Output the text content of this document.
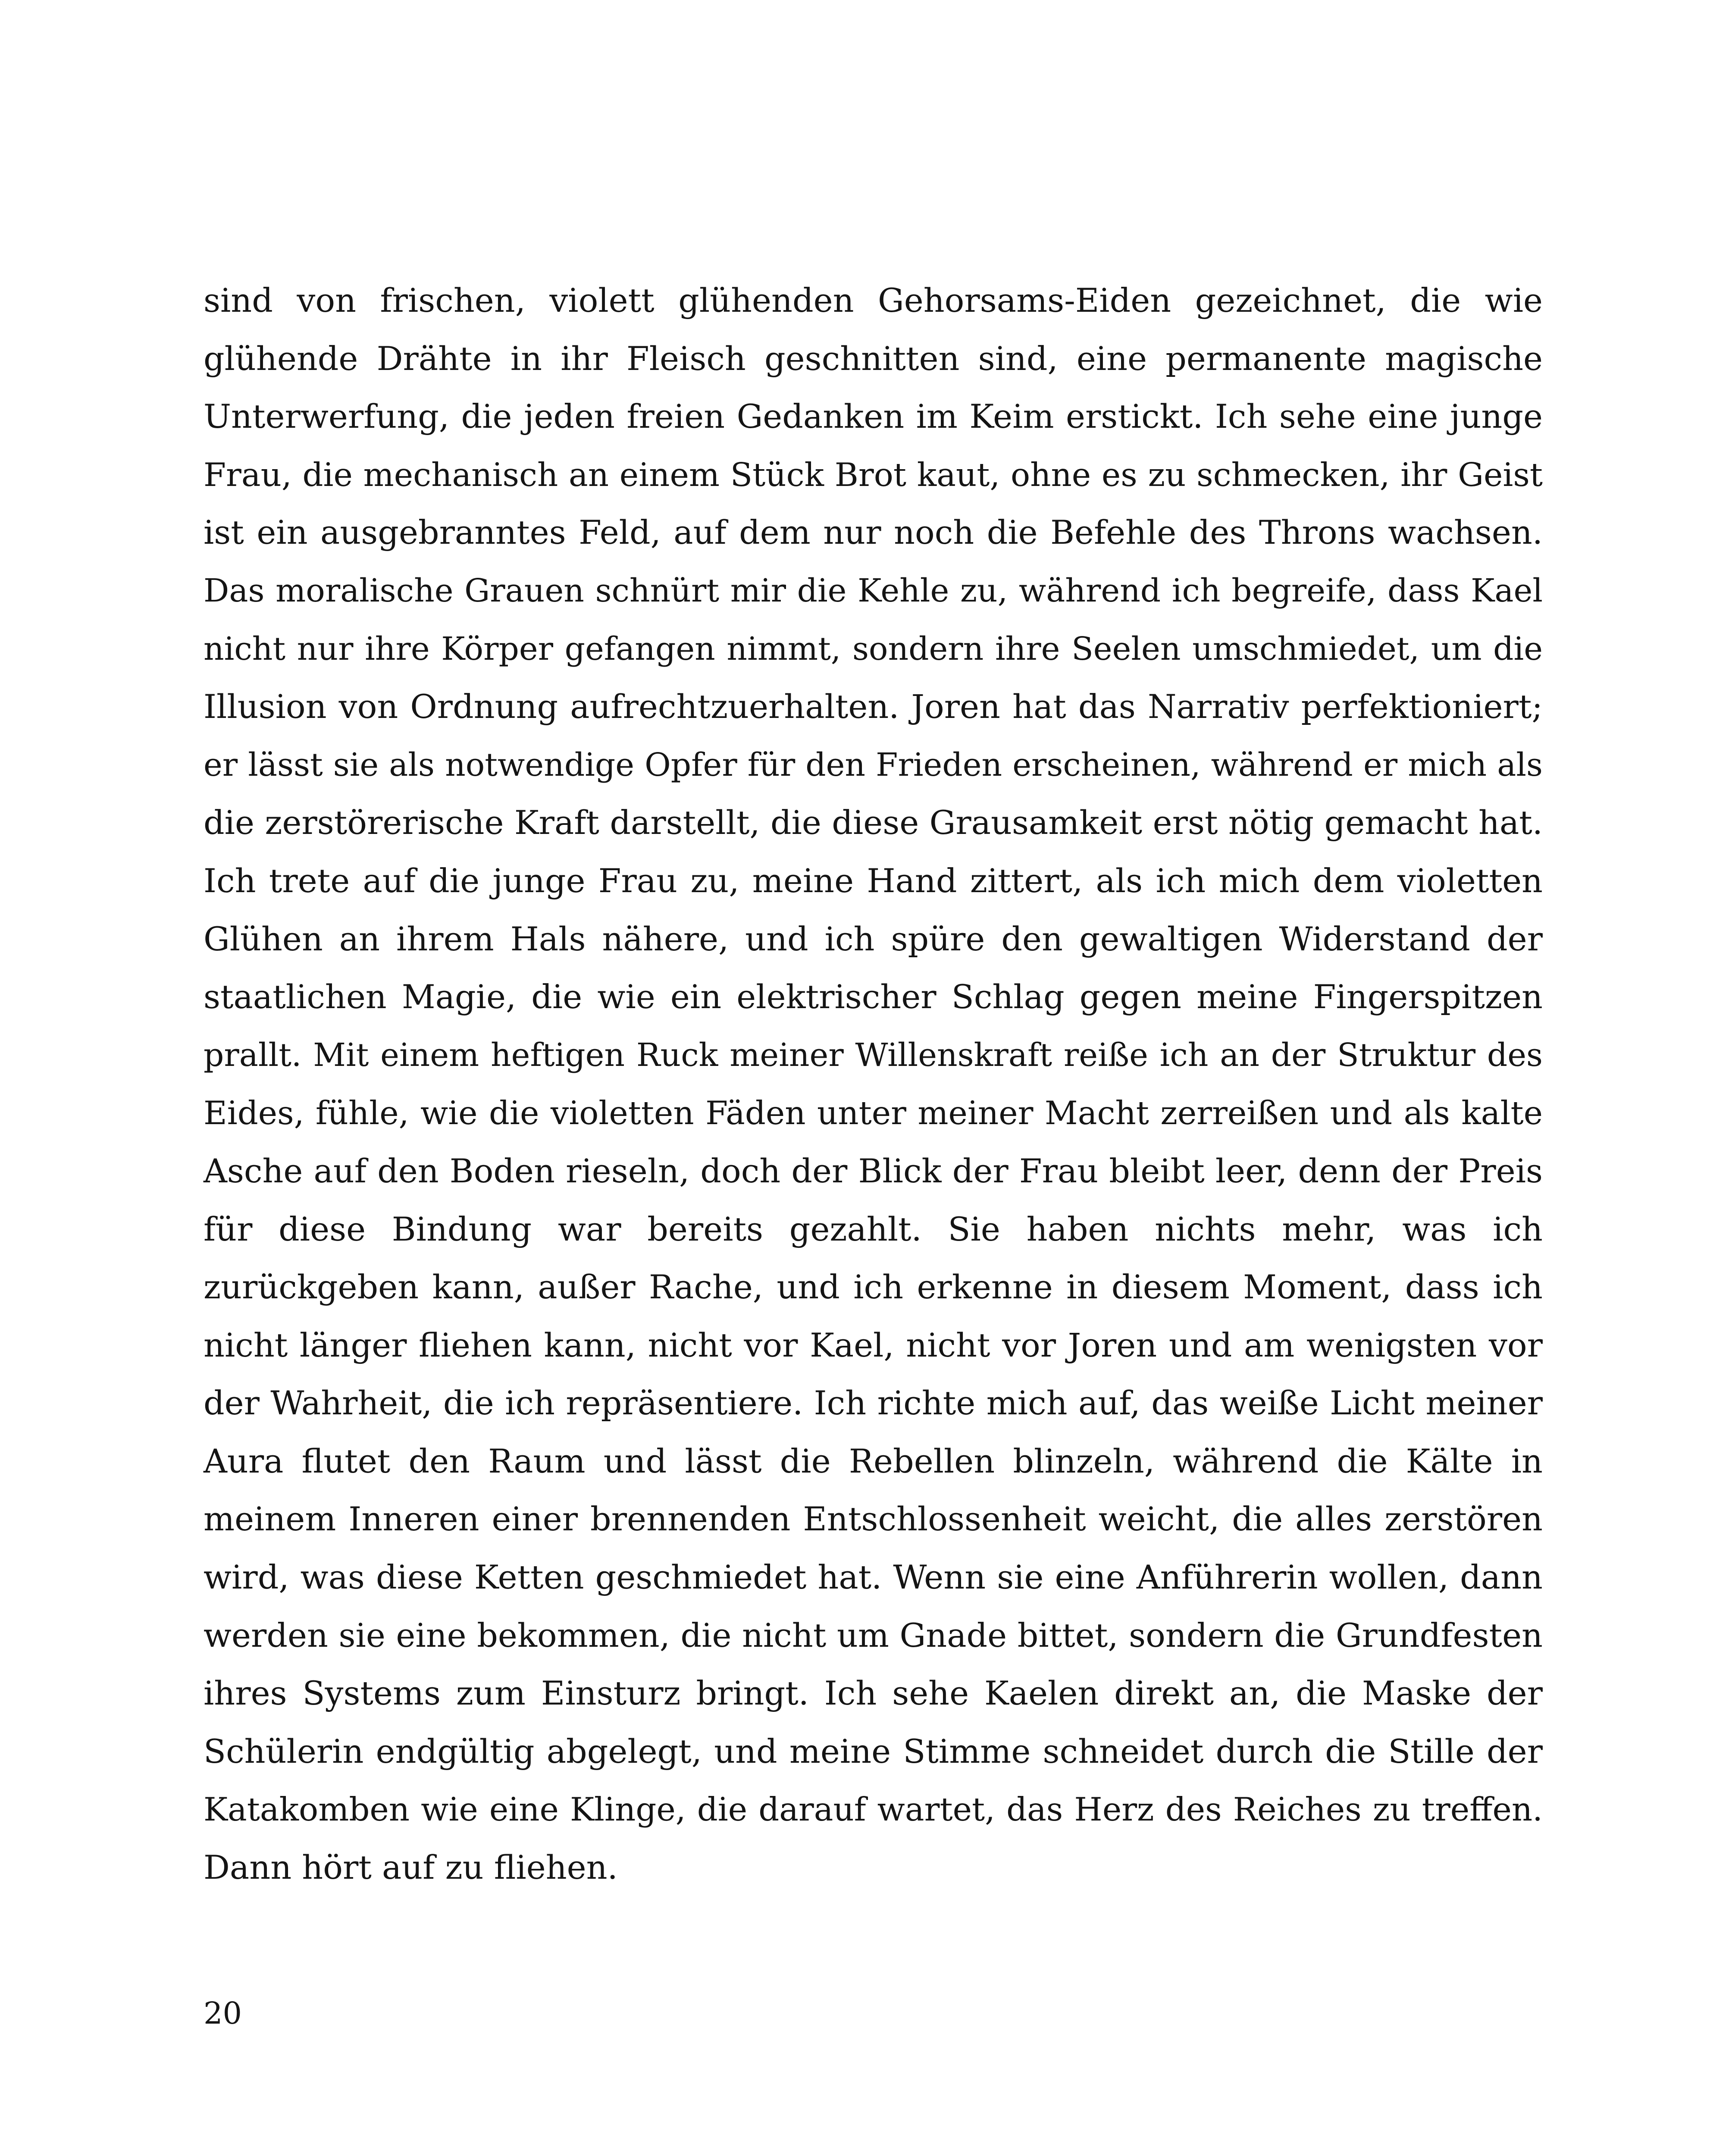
sind von frischen, violett glühenden Gehorsams-Eiden gezeichnet, die wie
glühende Drähte in ihr Fleisch geschnitten sind, eine permanente magische
Unterwerfung, die jeden freien Gedanken im Keim erstickt. Ich sehe eine junge
Frau, die mechanisch an einem Stück Brot kaut, ohne es zu schmecken, ihr Geist
ist ein ausgebranntes Feld, auf dem nur noch die Befehle des Throns wachsen.
Das moralische Grauen schnürt mir die Kehle zu, während ich begreife, dass Kael
nicht nur ihre Körper gefangen nimmt, sondern ihre Seelen umschmiedet, um die
Illusion von Ordnung aufrechtzuerhalten. Joren hat das Narrativ perfektioniert;
er lässt sie als notwendige Opfer für den Frieden erscheinen, während er mich als
die zerstörerische Kraft darstellt, die diese Grausamkeit erst nötig gemacht hat.
Ich trete auf die junge Frau zu, meine Hand zittert, als ich mich dem violetten
Glühen an ihrem Hals nähere, und ich spüre den gewaltigen Widerstand der
staatlichen Magie, die wie ein elektrischer Schlag gegen meine Fingerspitzen
prallt. Mit einem heftigen Ruck meiner Willenskraft reiße ich an der Struktur des
Eides, fühle, wie die violetten Fäden unter meiner Macht zerreißen und als kalte
Asche auf den Boden rieseln, doch der Blick der Frau bleibt leer, denn der Preis
für diese Bindung war bereits gezahlt. Sie haben nichts mehr, was ich
zurückgeben kann, außer Rache, und ich erkenne in diesem Moment, dass ich
nicht länger fliehen kann, nicht vor Kael, nicht vor Joren und am wenigsten vor
der Wahrheit, die ich repräsentiere. Ich richte mich auf, das weiße Licht meiner
Aura flutet den Raum und lässt die Rebellen blinzeln, während die Kälte in
meinem Inneren einer brennenden Entschlossenheit weicht, die alles zerstören
wird, was diese Ketten geschmiedet hat. Wenn sie eine Anführerin wollen, dann
werden sie eine bekommen, die nicht um Gnade bittet, sondern die Grundfesten
ihres Systems zum Einsturz bringt. Ich sehe Kaelen direkt an, die Maske der
Schülerin endgültig abgelegt, und meine Stimme schneidet durch die Stille der
Katakomben wie eine Klinge, die darauf wartet, das Herz des Reiches zu treffen.
Dann hört auf zu fliehen.

20
